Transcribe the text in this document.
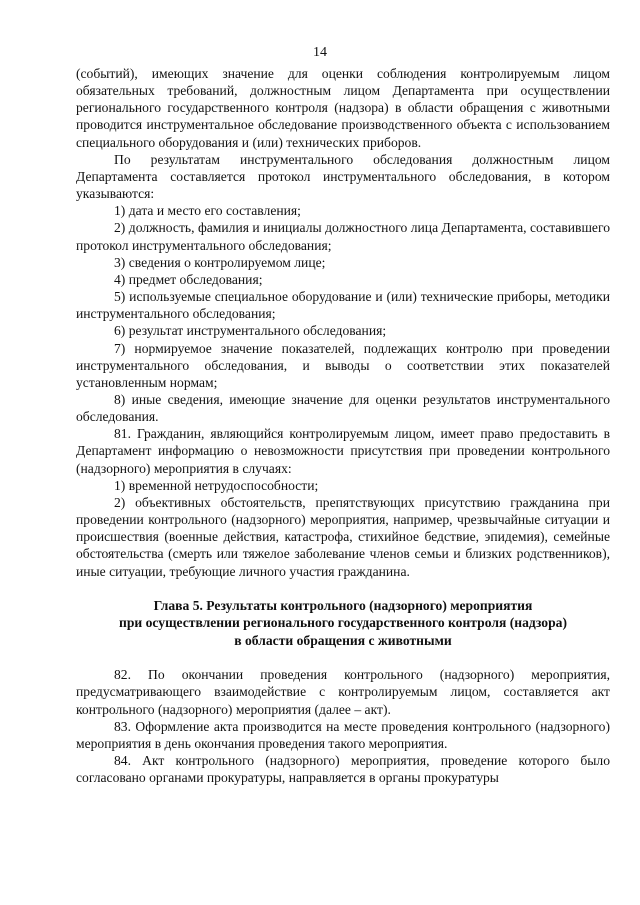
14

(событий), имеющих значение для оценки соблюдения контролируемым лицом обязательных требований, должностным лицом Департамента при осуществлении регионального государственного контроля (надзора) в области обращения с животными проводится инструментальное обследование производственного объекта с использованием специального оборудования и (или) технических приборов.

По результатам инструментального обследования должностным лицом Департамента составляется протокол инструментального обследования, в котором указываются:

1) дата и место его составления;

2) должность, фамилия и инициалы должностного лица Департамента, составившего протокол инструментального обследования;

3) сведения о контролируемом лице;

4) предмет обследования;

5) используемые специальное оборудование и (или) технические приборы, методики инструментального обследования;

6) результат инструментального обследования;

7) нормируемое значение показателей, подлежащих контролю при проведении инструментального обследования, и выводы о соответствии этих показателей установленным нормам;

8) иные сведения, имеющие значение для оценки результатов инструментального обследования.

81. Гражданин, являющийся контролируемым лицом, имеет право предоставить в Департамент информацию о невозможности присутствия при проведении контрольного (надзорного) мероприятия в случаях:

1) временной нетрудоспособности;

2) объективных обстоятельств, препятствующих присутствию гражданина при проведении контрольного (надзорного) мероприятия, например, чрезвычайные ситуации и происшествия (военные действия, катастрофа, стихийное бедствие, эпидемия), семейные обстоятельства (смерть или тяжелое заболевание членов семьи и близких родственников), иные ситуации, требующие личного участия гражданина.

Глава 5. Результаты контрольного (надзорного) мероприятия
при осуществлении регионального государственного контроля (надзора)
в области обращения с животными

82. По окончании проведения контрольного (надзорного) мероприятия, предусматривающего взаимодействие с контролируемым лицом, составляется акт контрольного (надзорного) мероприятия (далее – акт).

83. Оформление акта производится на месте проведения контрольного (надзорного) мероприятия в день окончания проведения такого мероприятия.

84. Акт контрольного (надзорного) мероприятия, проведение которого было согласовано органами прокуратуры, направляется в органы прокуратуры
